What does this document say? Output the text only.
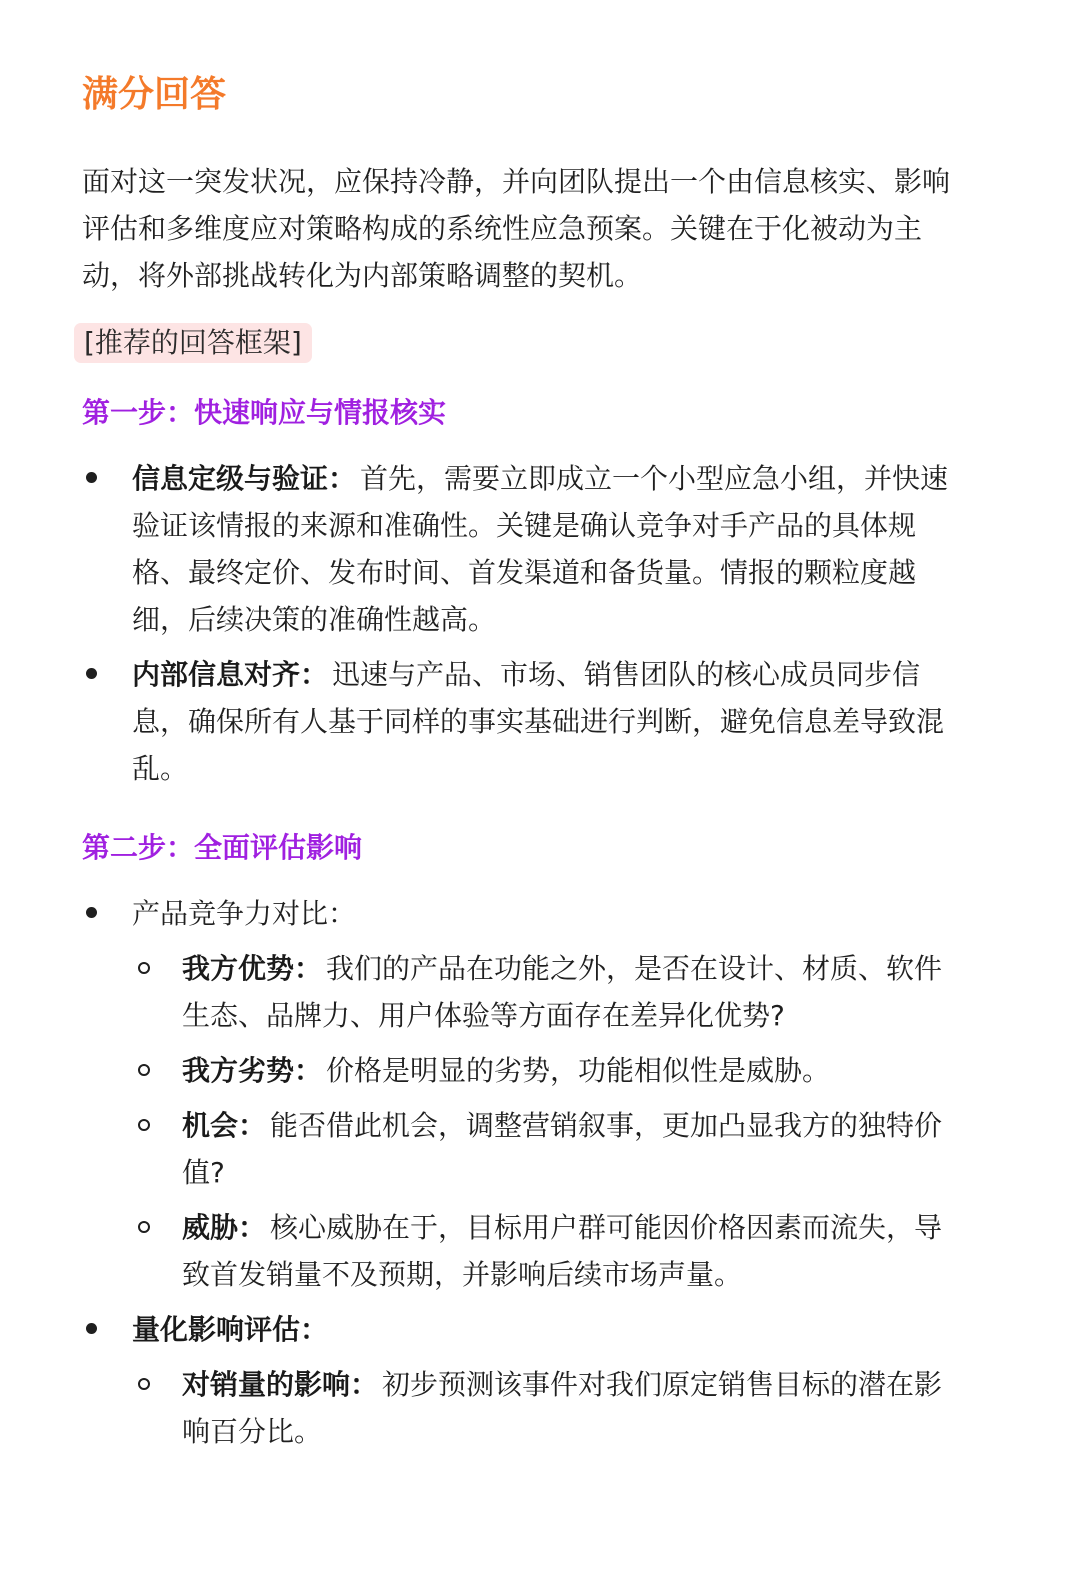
满分回答

面对这一突发状况，应保持冷静，并向团队提出一个由信息核实、影响评估和多维度应对策略构成的系统性应急预案。关键在于化被动为主动，将外部挑战转化为内部策略调整的契机。

[推荐的回答框架]
第一步：快速响应与情报核实
信息定级与验证： 首先，需要立即成立一个小型应急小组，并快速验证该情报的来源和准确性。关键是确认竞争对手产品的具体规格、最终定价、发布时间、首发渠道和备货量。情报的颗粒度越细，后续决策的准确性越高。
内部信息对齐： 迅速与产品、市场、销售团队的核心成员同步信息，确保所有人基于同样的事实基础进行判断，避免信息差导致混乱。
第二步：全面评估影响
产品竞争力对比：
我方优势： 我们的产品在功能之外，是否在设计、材质、软件生态、品牌力、用户体验等方面存在差异化优势?
我方劣势： 价格是明显的劣势，功能相似性是威胁。
机会： 能否借此机会，调整营销叙事，更加凸显我方的独特价值?
威胁： 核心威胁在于，目标用户群可能因价格因素而流失，导致首发销量不及预期，并影响后续市场声量。
量化影响评估：
对销量的影响： 初步预测该事件对我们原定销售目标的潜在影响百分比。
